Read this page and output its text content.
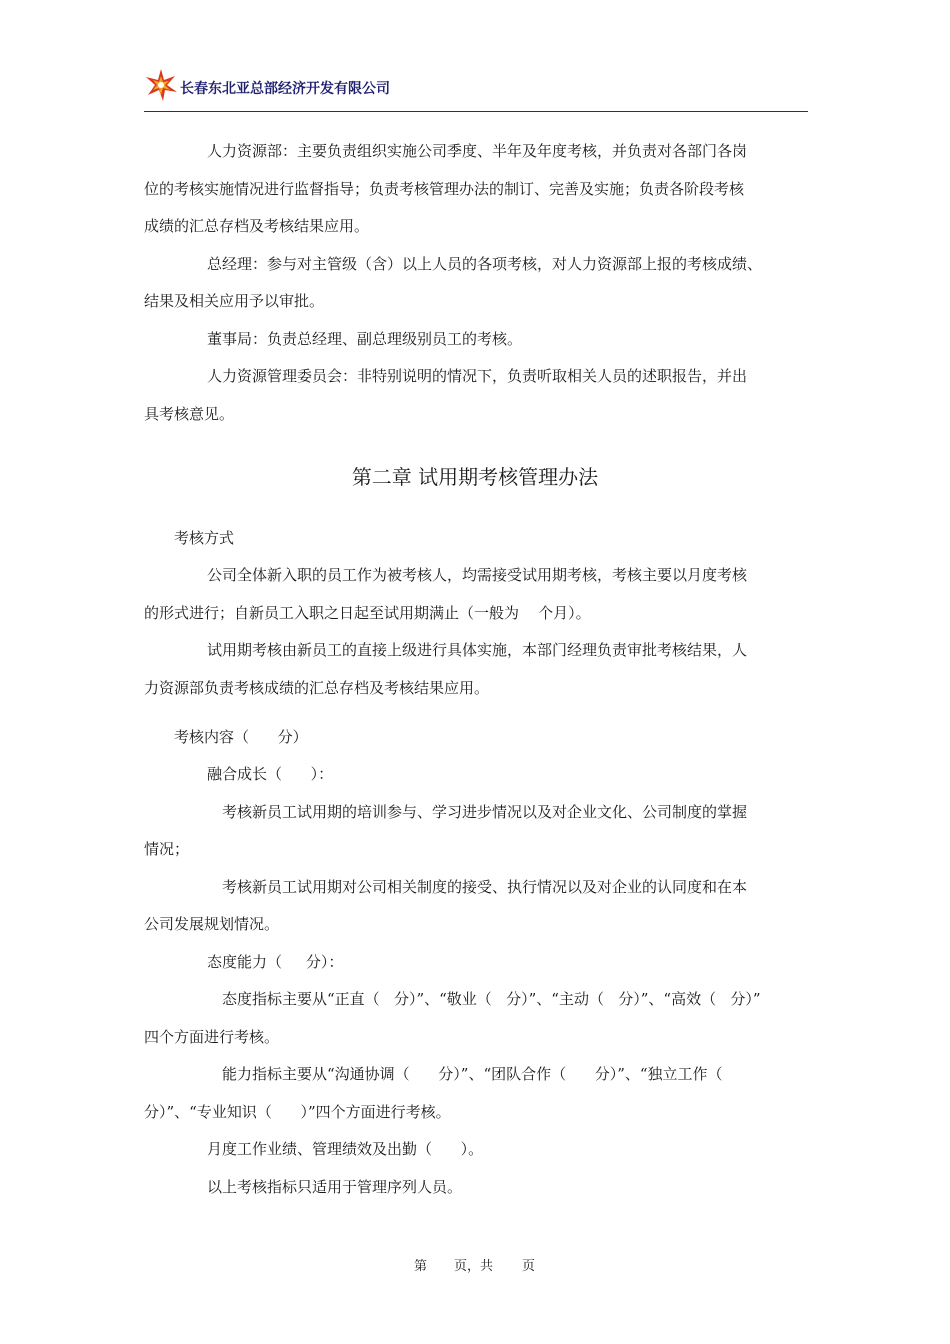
长春东北亚总部经济开发有限公司
人力资源部：主要负责组织实施公司季度、半年及年度考核，并负责对各部门各岗
位的考核实施情况进行监督指导；负责考核管理办法的制订、完善及实施；负责各阶段考核
成绩的汇总存档及考核结果应用。
总经理：参与对主管级（含）以上人员的各项考核，对人力资源部上报的考核成绩、
结果及相关应用予以审批。
董事局：负责总经理、副总理级别员工的考核。
人力资源管理委员会：非特别说明的情况下，负责听取相关人员的述职报告，并出
具考核意见。
第二章 试用期考核管理办法
考核方式
公司全体新入职的员工作为被考核人，均需接受试用期考核，考核主要以月度考核
的形式进行；自新员工入职之日起至试用期满止（一般为    个月）。
试用期考核由新员工的直接上级进行具体实施，本部门经理负责审批考核结果，人
力资源部负责考核成绩的汇总存档及考核结果应用。
考核内容（      分）
融合成长（      ）：
考核新员工试用期的培训参与、学习进步情况以及对企业文化、公司制度的掌握
情况；
考核新员工试用期对公司相关制度的接受、执行情况以及对企业的认同度和在本
公司发展规划情况。
态度能力（     分）：
态度指标主要从“正直（   分）”、“敬业（   分）”、“主动（   分）”、“高效（   分）”
四个方面进行考核。
能力指标主要从“沟通协调（      分）”、“团队合作（      分）”、“独立工作（
分）”、“专业知识（      ）”四个方面进行考核。
月度工作业绩、管理绩效及出勤（      ）。
以上考核指标只适用于管理序列人员。
第 页，共 页
